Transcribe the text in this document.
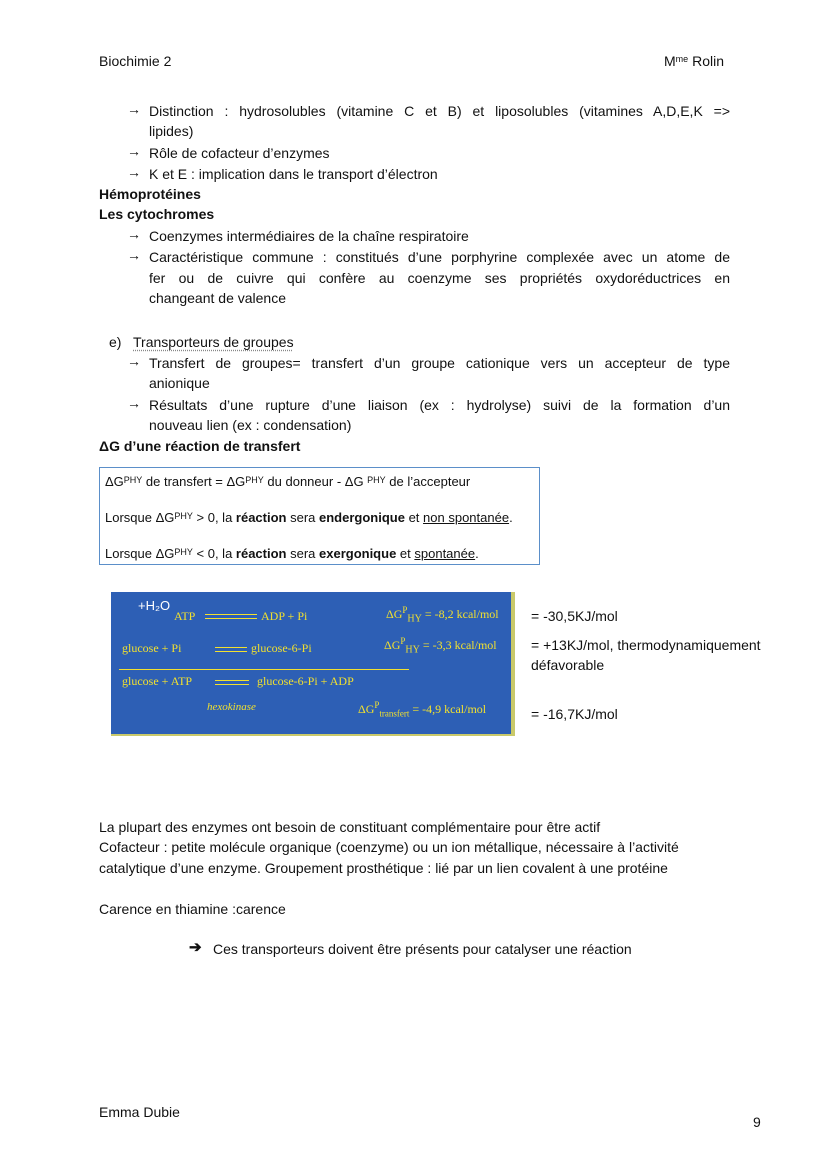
Biochimie 2	$M^{me}$ Rolin
→ Distinction : hydrosolubles (vitamine C et B) et liposolubles (vitamines A,D,E,K =>
lipides)
→ Rôle de cofacteur d’enzymes
→ K et E : implication dans le transport d’électron
Hémoprotéines
Les cytochromes
→ Coenzymes intermédiaires de la chaîne respiratoire
→ Caractéristique commune : constitués d’une porphyrine complexée avec un atome de
fer ou de cuivre qui confère au coenzyme ses propriétés oxydoréductrices en
changeant de valence
e) Transporteurs de groupes
→ Transfert de groupes= transfert d’un groupe cationique vers un accepteur de type
anionique
→ Résultats d’une rupture d’une liaison (ex : hydrolyse) suivi de la formation d’un
nouveau lien (ex : condensation)
ΔG d’une réaction de transfert
$\Delta G^{PHY}$ de transfert = $\Delta G^{PHY}$ du donneur - ΔG $^{PHY}$ de l’accepteur
Lorsque $\Delta G^{PHY} > 0$, la réaction sera endergonique et non spontanée.
Lorsque $\Delta G^{PHY} < 0$, la réaction sera exergonique et spontanée.
+H₂O
ATP	ADP + Pi	$\Delta G^P_{HY} = -8,2$ kcal/mol
glucose + Pi	glucose-6-Pi	$\Delta G^P_{HY} = -3,3$ kcal/mol
glucose + ATP	glucose-6-Pi + ADP
hexokinase	$\Delta G^P_{transfert} = -4,9$ kcal/mol
= -30,5KJ/mol
= +13KJ/mol, thermodynamiquement
défavorable
= -16,7KJ/mol
La plupart des enzymes ont besoin de constituant complémentaire pour être actif
Cofacteur : petite molécule organique (coenzyme) ou un ion métallique, nécessaire à l’activité
catalytique d’une enzyme. Groupement prosthétique : lié par un lien covalent à une protéine
Carence en thiamine :carence
➔ Ces transporteurs doivent être présents pour catalyser une réaction
Emma Dubie
9
